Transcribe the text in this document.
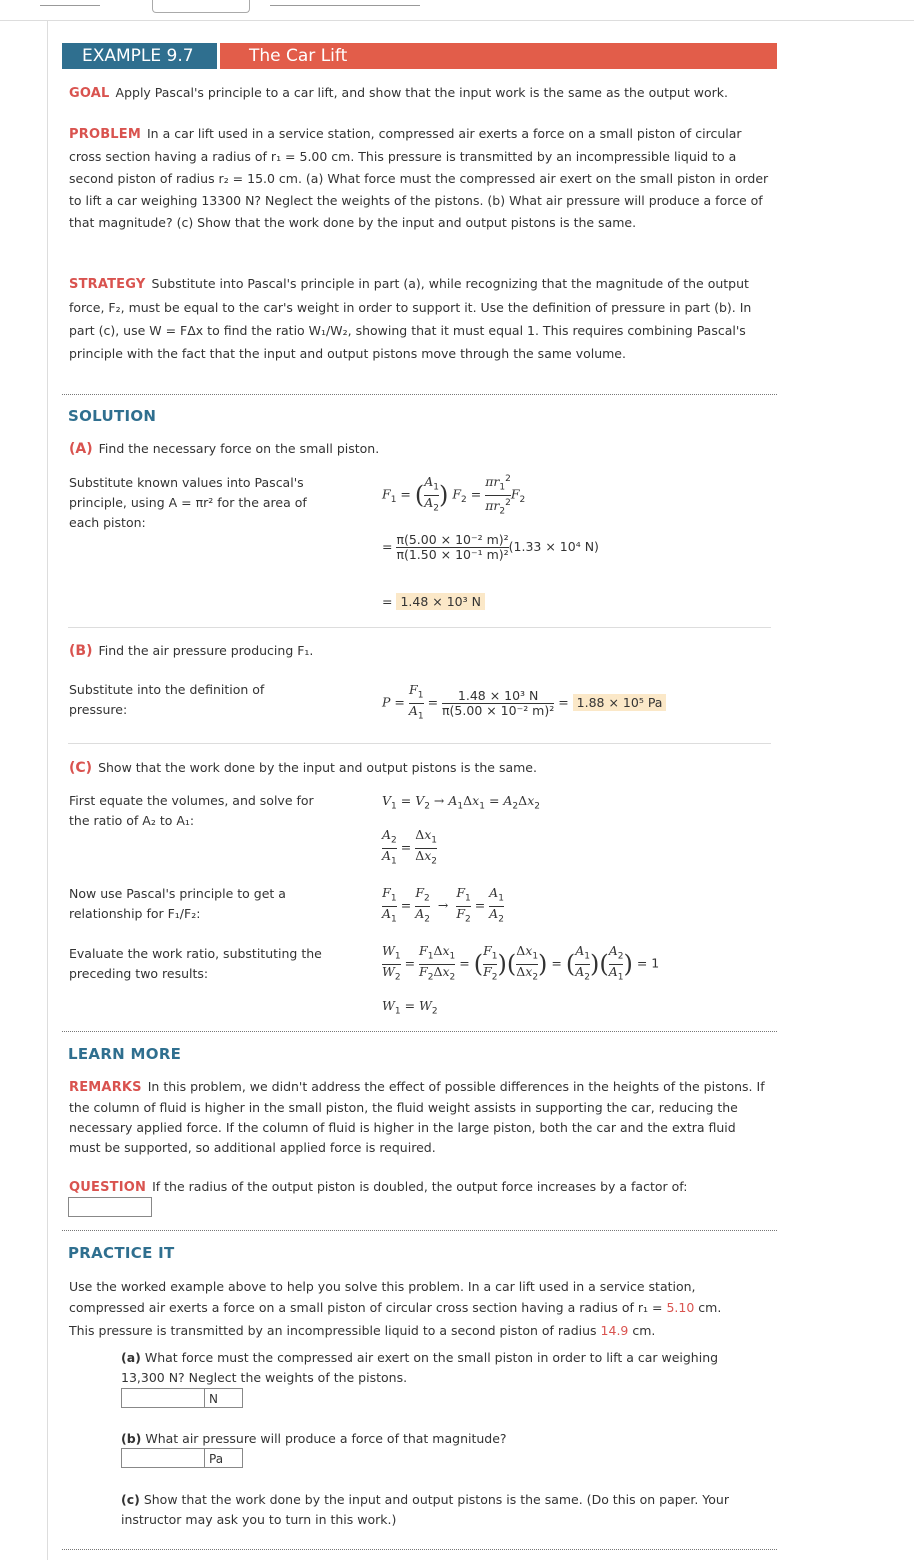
EXAMPLE 9.7	The Car Lift
GOAL Apply Pascal's principle to a car lift, and show that the input work is the same as the output work.
PROBLEM In a car lift used in a service station, compressed air exerts a force on a small piston of circular cross section having a radius of r₁ = 5.00 cm. This pressure is transmitted by an incompressible liquid to a second piston of radius r₂ = 15.0 cm. (a) What force must the compressed air exert on the small piston in order to lift a car weighing 13300 N? Neglect the weights of the pistons. (b) What air pressure will produce a force of that magnitude? (c) Show that the work done by the input and output pistons is the same.
STRATEGY Substitute into Pascal's principle in part (a), while recognizing that the magnitude of the output force, F₂, must be equal to the car's weight in order to support it. Use the definition of pressure in part (b). In part (c), use W = FΔx to find the ratio W₁/W₂, showing that it must equal 1. This requires combining Pascal's principle with the fact that the input and output pistons move through the same volume.
SOLUTION
(A) Find the necessary force on the small piston.
Substitute known values into Pascal's principle, using A = πr² for the area of each piston:
$F_1$ = ( $\frac{A_1}{A_2}$ ) $F_2 = \frac{\pi r_1^2}{\pi r_2^2} F_2$
= $\frac{\text{π(5.00 × 10⁻² m)²}}{\text{π(1.50 × 10⁻¹ m)²}} (1.33 \times 10^4$ N)
= 1.48 × 10³ N
(B) Find the air pressure producing F₁.
Substitute into the definition of pressure:	$P = \frac{F_1}{A_1} = \frac{\text{1.48 × 10³ N}}{\text{π(5.00 × 10⁻² m)²}} = 1.88 \times 10^5$ Pa
(C) Show that the work done by the input and output pistons is the same.
First equate the volumes, and solve for the ratio of A₂ to A₁:
$V_1 = V_2 \to A_1\Delta x_1 = A_2\Delta x_2$
$\frac{A_2}{A_1} = \frac{\Delta x_1}{\Delta x_2}$
Now use Pascal's principle to get a relationship for F₁/F₂:	$\frac{F_1}{A_1} = \frac{F_2}{A_2} \to \frac{F_1}{F_2} = \frac{A_1}{A_2}$
Evaluate the work ratio, substituting the preceding two results:	$\frac{W_1}{W_2} = \frac{F_1\Delta x_1}{F_2\Delta x_2}$ = ( $\frac{F_1}{F_2}$ )( $\frac{\Delta x_1}{\Delta x_2}$ ) = ( $\frac{A_1}{A_2}$ )( $\frac{A_2}{A_1}$ ) = 1
$W_1 = W_2$
LEARN MORE
REMARKS In this problem, we didn't address the effect of possible differences in the heights of the pistons. If the column of fluid is higher in the small piston, the fluid weight assists in supporting the car, reducing the necessary applied force. If the column of fluid is higher in the large piston, both the car and the extra fluid must be supported, so additional applied force is required.
QUESTION If the radius of the output piston is doubled, the output force increases by a factor of:
PRACTICE IT
Use the worked example above to help you solve this problem. In a car lift used in a service station, compressed air exerts a force on a small piston of circular cross section having a radius of r₁ = 5.10 cm.
This pressure is transmitted by an incompressible liquid to a second piston of radius 14.9 cm.
(a) What force must the compressed air exert on the small piston in order to lift a car weighing 13,300 N? Neglect the weights of the pistons.
N
(b) What air pressure will produce a force of that magnitude?
Pa
(c) Show that the work done by the input and output pistons is the same. (Do this on paper. Your instructor may ask you to turn in this work.)
